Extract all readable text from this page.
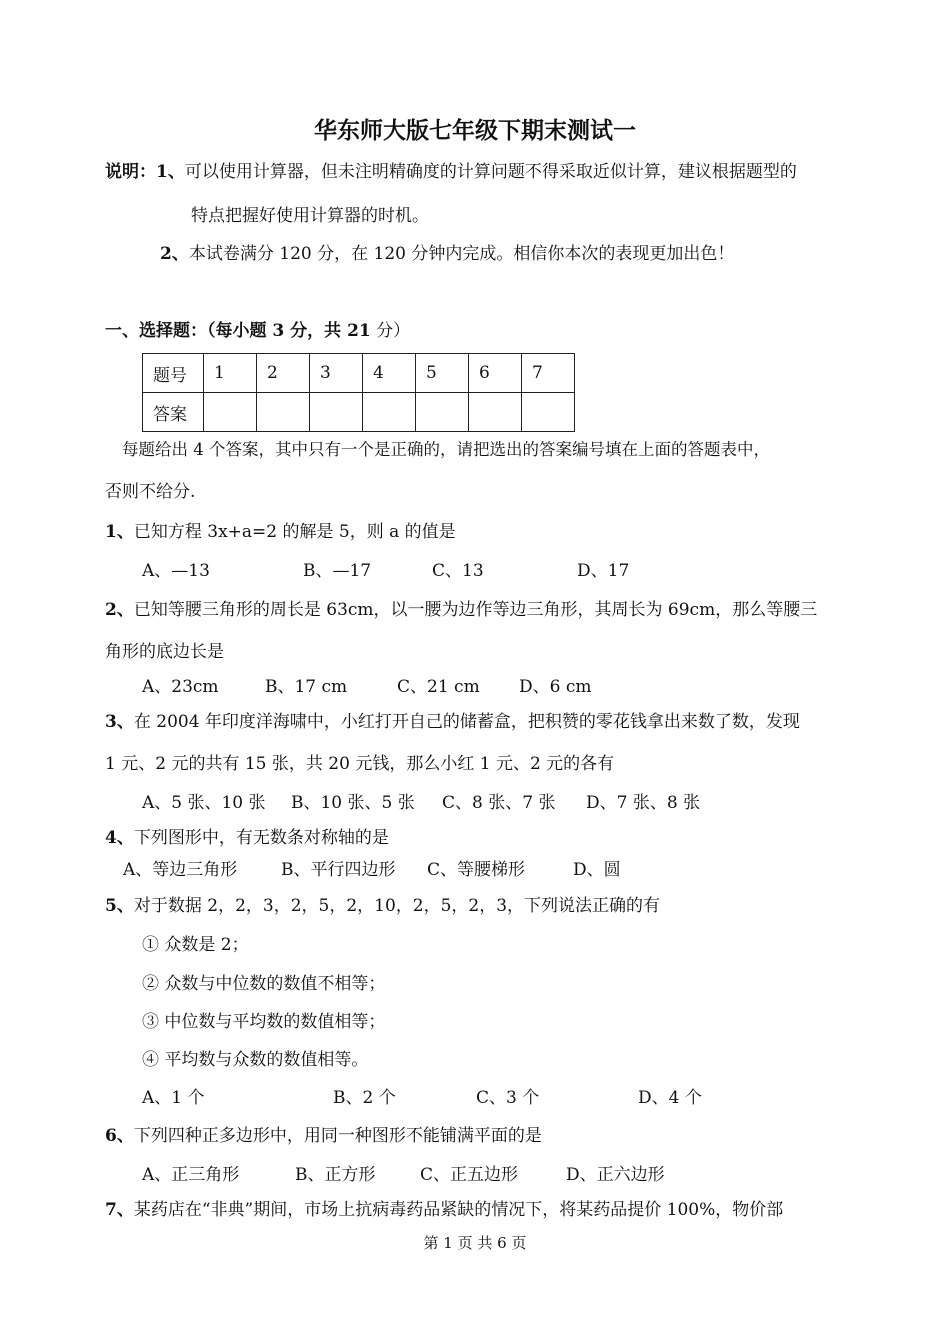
华东师大版七年级下期末测试一
说明：1、可以使用计算器，但未注明精确度的计算问题不得采取近似计算，建议根据题型的
特点把握好使用计算器的时机。
2、本试卷满分 120 分，在 120 分钟内完成。相信你本次的表现更加出色！
一、选择题：（每小题 3 分，共 21 分）
题号	1	2	3	4	5	6	7
答案							
每题给出 4 个答案，其中只有一个是正确的，请把选出的答案编号填在上面的答题表中，
否则不给分.
1、已知方程 3x+a=2 的解是 5，则 a 的值是
A、—13	B、—17	C、13	D、17
2、已知等腰三角形的周长是 63cm，以一腰为边作等边三角形，其周长为 69cm，那么等腰三
角形的底边长是
A、23cm	B、17 cm	C、21 cm D、6 cm
3、在 2004 年印度洋海啸中，小红打开自己的储蓄盒，把积赞的零花钱拿出来数了数，发现
1 元、2 元的共有 15 张，共 20 元钱，那么小红 1 元、2 元的各有
A、5 张、10 张 B、10 张、5 张 C、8 张、7 张 D、7 张、8 张
4、下列图形中，有无数条对称轴的是
A、等边三角形	B、平行四边形 C、等腰梯形	D、圆
5、对于数据 2，2，3，2，5，2，10，2，5，2，3，下列说法正确的有
① 众数是 2；
② 众数与中位数的数值不相等；
③ 中位数与平均数的数值相等；
④ 平均数与众数的数值相等。
A、1 个	B、2 个	C、3 个	D、4 个
6、下列四种正多边形中，用同一种图形不能铺满平面的是
A、正三角形	B、正方形	C、正五边形	D、正六边形
7、某药店在“非典”期间，市场上抗病毒药品紧缺的情况下，将某药品提价 100%，物价部
第 1 页 共 6 页
